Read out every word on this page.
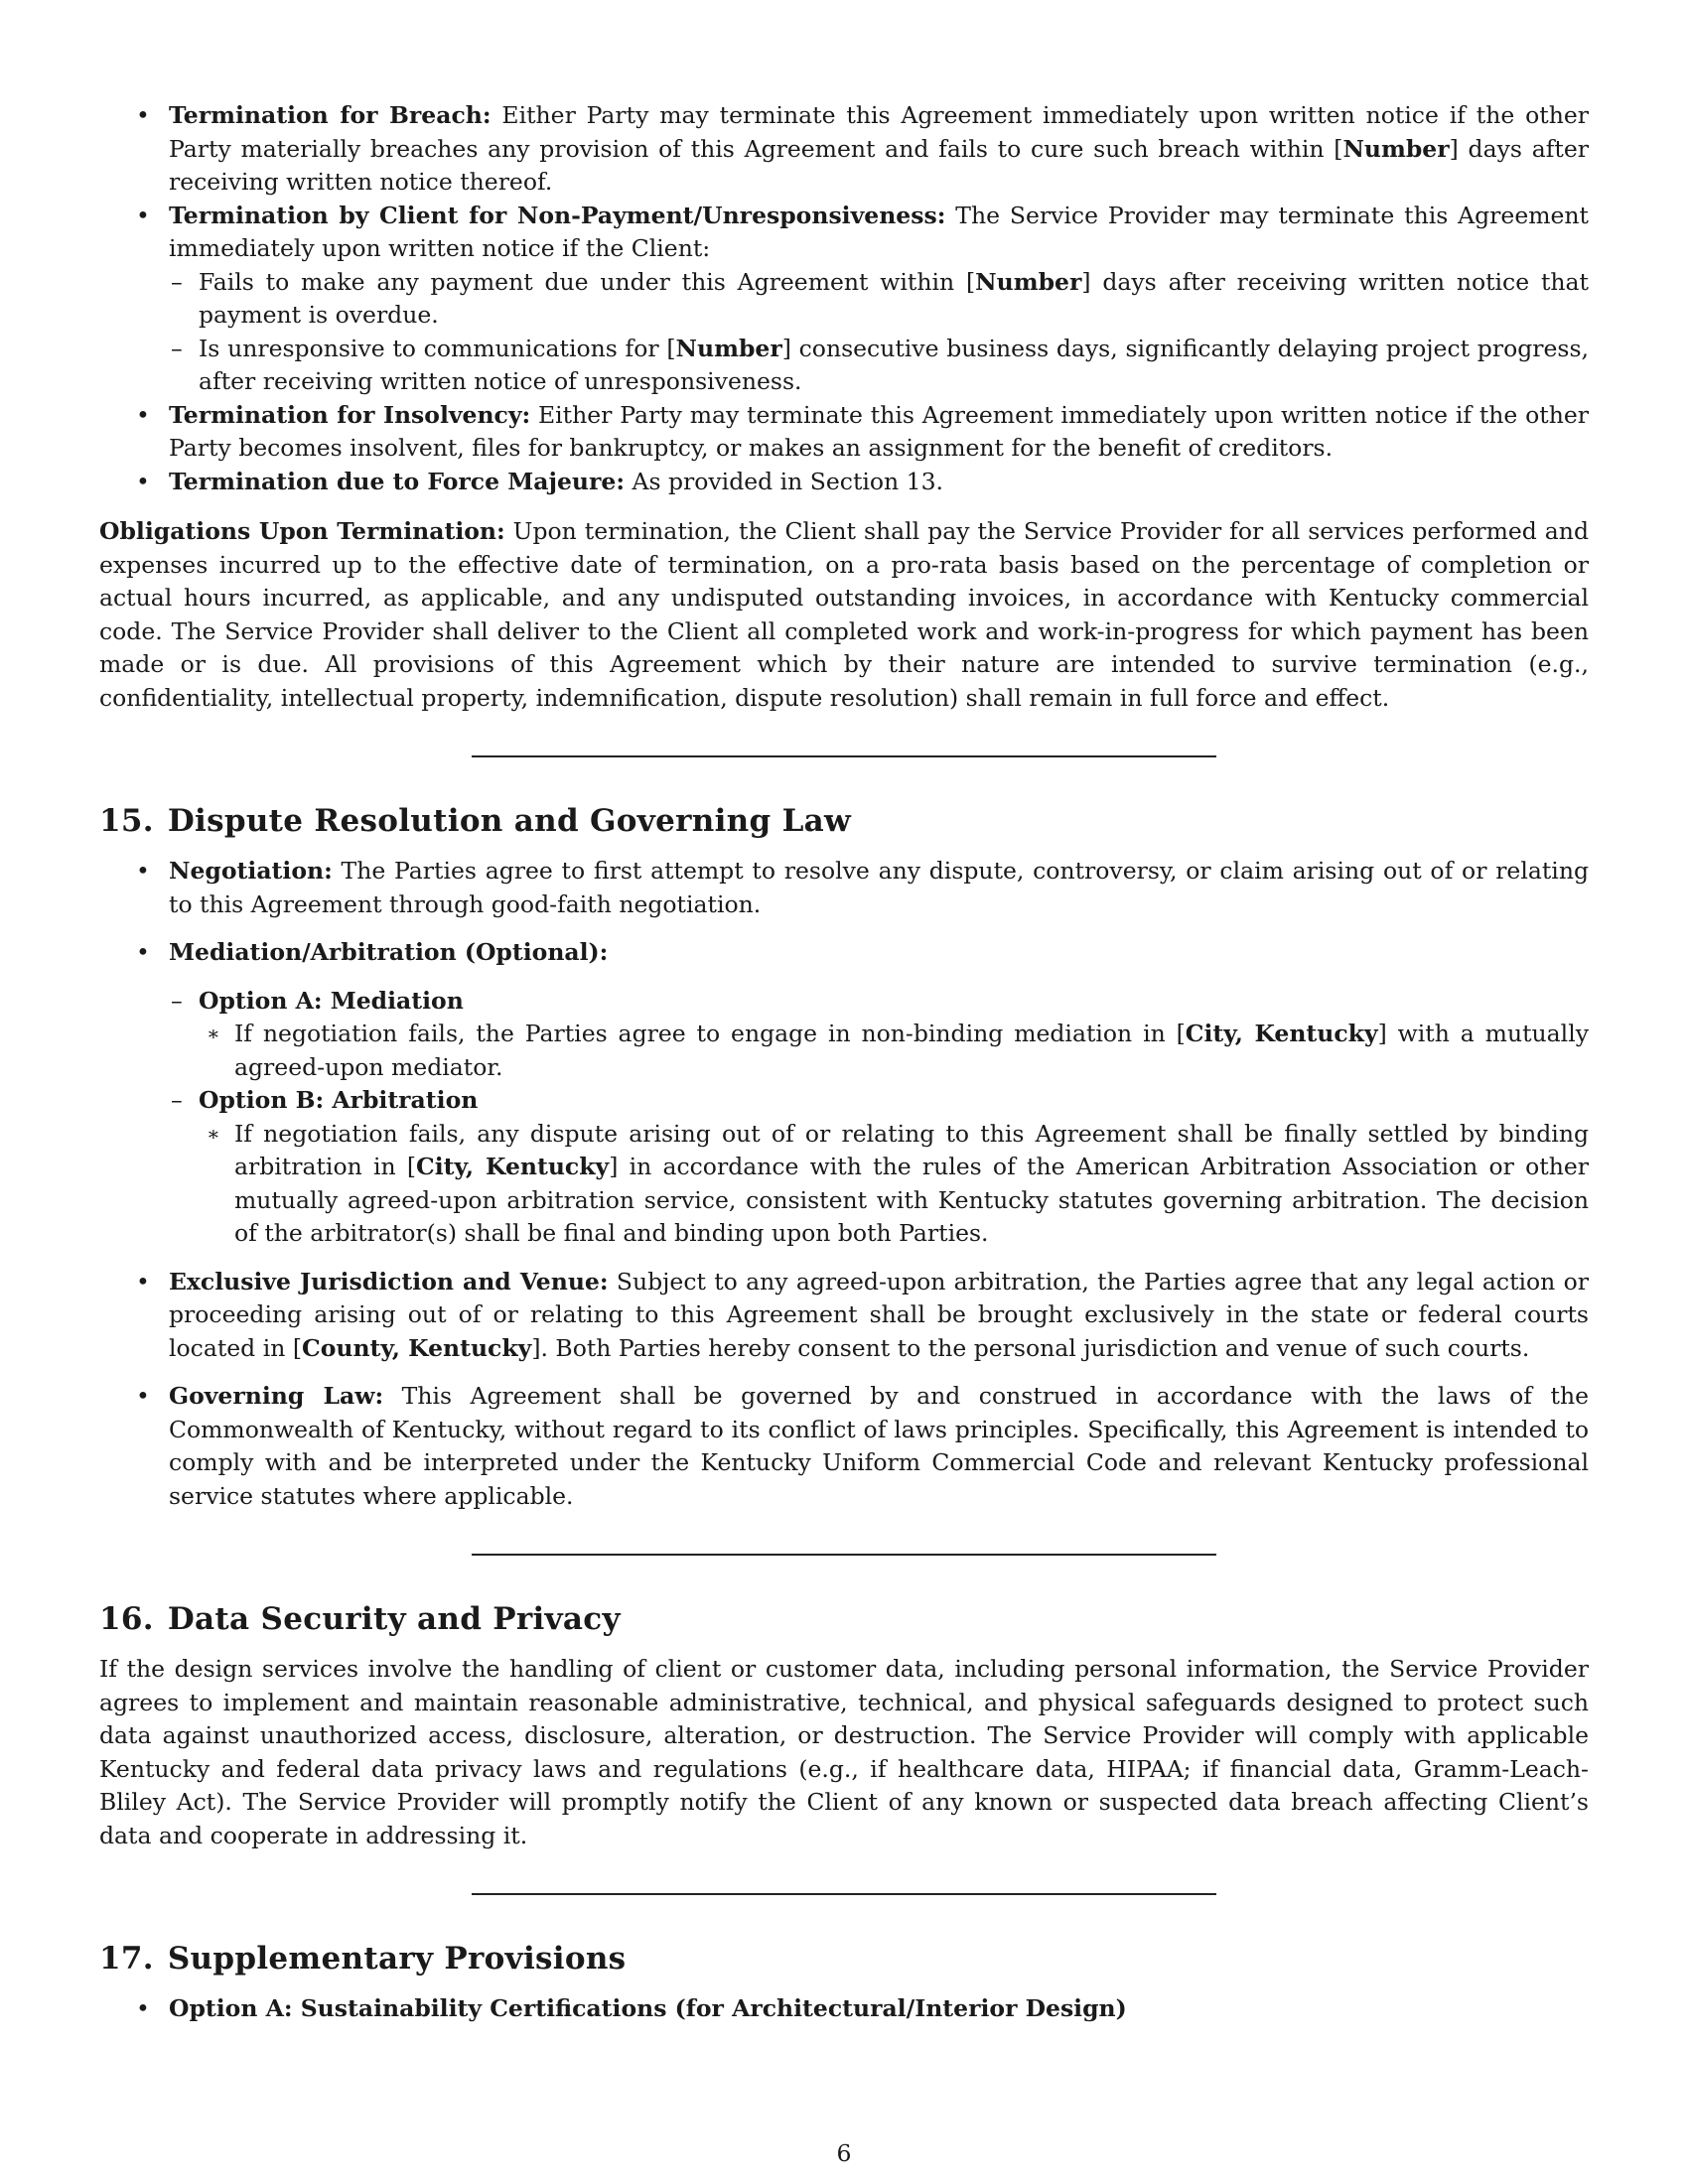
• Termination for Breach: Either Party may terminate this Agreement immediately upon written notice if the other Party materially breaches any provision of this Agreement and fails to cure such breach within [Number] days after receiving written notice thereof.
• Termination by Client for Non-Payment/Unresponsiveness: The Service Provider may terminate this Agreement immediately upon written notice if the Client:
– Fails to make any payment due under this Agreement within [Number] days after receiving written notice that payment is overdue.
– Is unresponsive to communications for [Number] consecutive business days, significantly delaying project progress, after receiving written notice of unresponsiveness.
• Termination for Insolvency: Either Party may terminate this Agreement immediately upon written notice if the other Party becomes insolvent, files for bankruptcy, or makes an assignment for the benefit of creditors.
• Termination due to Force Majeure: As provided in Section 13.

Obligations Upon Termination: Upon termination, the Client shall pay the Service Provider for all services performed and expenses incurred up to the effective date of termination, on a pro-rata basis based on the percentage of completion or actual hours incurred, as applicable, and any undisputed outstanding invoices, in accordance with Kentucky commercial code. The Service Provider shall deliver to the Client all completed work and work-in-progress for which payment has been made or is due. All provisions of this Agreement which by their nature are intended to survive termination (e.g., confidentiality, intellectual property, indemnification, dispute resolution) shall remain in full force and effect.

15. Dispute Resolution and Governing Law
• Negotiation: The Parties agree to first attempt to resolve any dispute, controversy, or claim arising out of or relating to this Agreement through good-faith negotiation.
• Mediation/Arbitration (Optional):
– Option A: Mediation
∗ If negotiation fails, the Parties agree to engage in non-binding mediation in [City, Kentucky] with a mutually agreed-upon mediator.
– Option B: Arbitration
∗ If negotiation fails, any dispute arising out of or relating to this Agreement shall be finally settled by binding arbitration in [City, Kentucky] in accordance with the rules of the American Arbitration Association or other mutually agreed-upon arbitration service, consistent with Kentucky statutes governing arbitration. The decision of the arbitrator(s) shall be final and binding upon both Parties.
• Exclusive Jurisdiction and Venue: Subject to any agreed-upon arbitration, the Parties agree that any legal action or proceeding arising out of or relating to this Agreement shall be brought exclusively in the state or federal courts located in [County, Kentucky]. Both Parties hereby consent to the personal jurisdiction and venue of such courts.
• Governing Law: This Agreement shall be governed by and construed in accordance with the laws of the Commonwealth of Kentucky, without regard to its conflict of laws principles. Specifically, this Agreement is intended to comply with and be interpreted under the Kentucky Uniform Commercial Code and relevant Kentucky professional service statutes where applicable.
16. Data Security and Privacy

If the design services involve the handling of client or customer data, including personal information, the Service Provider agrees to implement and maintain reasonable administrative, technical, and physical safeguards designed to protect such data against unauthorized access, disclosure, alteration, or destruction. The Service Provider will comply with applicable Kentucky and federal data privacy laws and regulations (e.g., if healthcare data, HIPAA; if financial data, Gramm-Leach-Bliley Act). The Service Provider will promptly notify the Client of any known or suspected data breach affecting Client’s data and cooperate in addressing it.

17. Supplementary Provisions
• Option A: Sustainability Certifications (for Architectural/Interior Design)
6
